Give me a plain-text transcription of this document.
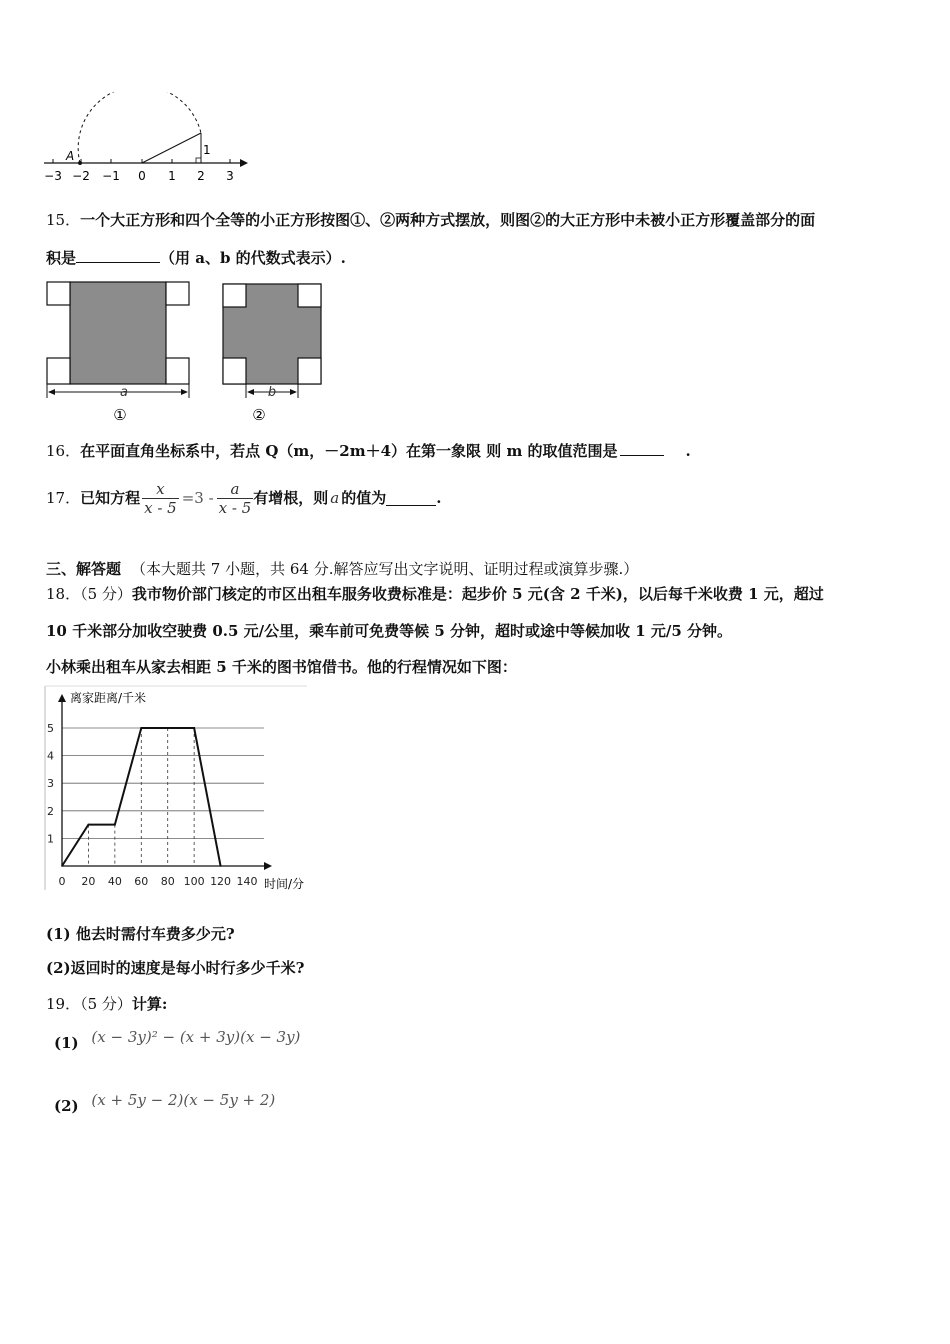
A	1
−3 −2 −1 0 1 2 3
15．一个大正方形和四个全等的小正方形按图①、②两种方式摆放，则图②的大正方形中未被小正方形覆盖部分的面
积是	（用 a、b 的代数式表示）.
a
①
b
②
16．在平面直角坐标系中，若点 Q（m，－2m＋4）在第一象限 则 m 的取值范围是	.
17． 已知方程 $\frac{x}{x - 5} =3 - \frac{a}{x - 5}$ 有增根，则 a 的值为	.
三、解答题 （本大题共 7 小题，共 64 分.解答应写出文字说明、证明过程或演算步骤.）
18．（5 分）我市物价部门核定的市区出租车服务收费标准是：起步价 5 元(含 2 千米)，以后每千米收费 1 元，超过
10 千米部分加收空驶费 0.5 元/公里，乘车前可免费等候 5 分钟，超时或途中等候加收 1 元/5 分钟。
小林乘出租车从家去相距 5 千米的图书馆借书。他的行程情况如下图：
1
2
3
4
5
0 20 40 60 80 100 120 140
离家距离/千米
时间/分
(1) 他去时需付车费多少元?
(2)返回时的速度是每小时行多少千米?
19．（5 分）计算:
(1) (x − 3y)² − (x + 3y)(x − 3y)
(2) (x + 5y − 2)(x − 5y + 2)
